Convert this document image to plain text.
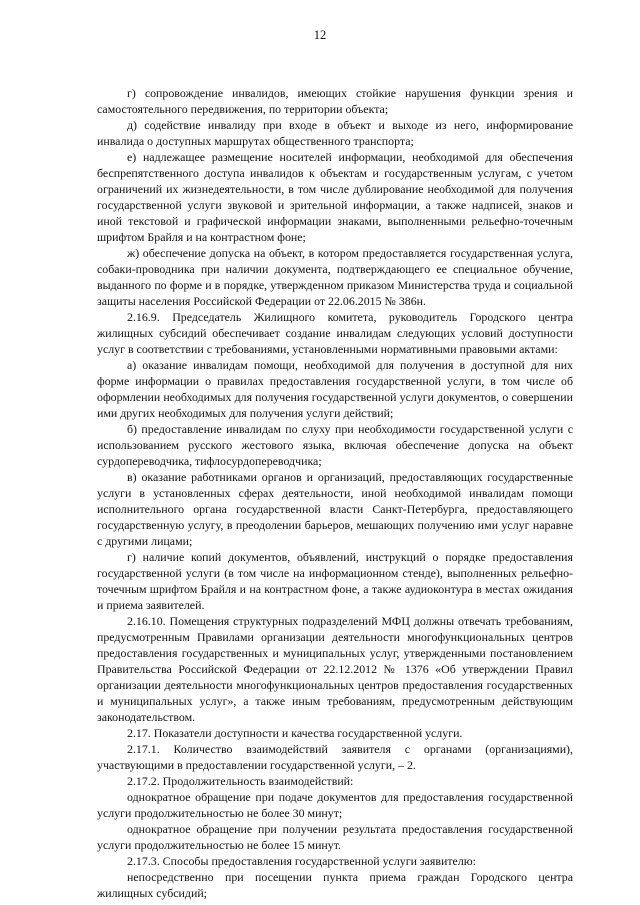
12

г) сопровождение инвалидов, имеющих стойкие нарушения функции зрения и самостоятельного передвижения, по территории объекта;

д) содействие инвалиду при входе в объект и выходе из него, информирование инвалида о доступных маршрутах общественного транспорта;

е) надлежащее размещение носителей информации, необходимой для обеспечения беспрепятственного доступа инвалидов к объектам и государственным услугам, с учетом ограничений их жизнедеятельности, в том числе дублирование необходимой для получения государственной услуги звуковой и зрительной информации, а также надписей, знаков и иной текстовой и графической информации знаками, выполненными рельефно-точечным шрифтом Брайля и на контрастном фоне;

ж) обеспечение допуска на объект, в котором предоставляется государственная услуга, собаки-проводника при наличии документа, подтверждающего ее специальное обучение, выданного по форме и в порядке, утвержденном приказом Министерства труда и социальной защиты населения Российской Федерации от 22.06.2015 № 386н.

2.16.9. Председатель Жилищного комитета, руководитель Городского центра жилищных субсидий обеспечивает создание инвалидам следующих условий доступности услуг в соответствии с требованиями, установленными нормативными правовыми актами:

а) оказание инвалидам помощи, необходимой для получения в доступной для них форме информации о правилах предоставления государственной услуги, в том числе об оформлении необходимых для получения государственной услуги документов, о совершении ими других необходимых для получения услуги действий;

б) предоставление инвалидам по слуху при необходимости государственной услуги с использованием русского жестового языка, включая обеспечение допуска на объект сурдопереводчика, тифлосурдопереводчика;

в) оказание работниками органов и организаций, предоставляющих государственные услуги в установленных сферах деятельности, иной необходимой инвалидам помощи исполнительного органа государственной власти Санкт-Петербурга, предоставляющего государственную услугу, в преодолении барьеров, мешающих получению ими услуг наравне с другими лицами;

г) наличие копий документов, объявлений, инструкций о порядке предоставления государственной услуги (в том числе на информационном стенде), выполненных рельефно-точечным шрифтом Брайля и на контрастном фоне, а также аудиоконтура в местах ожидания и приема заявителей.

2.16.10. Помещения структурных подразделений МФЦ должны отвечать требованиям, предусмотренным Правилами организации деятельности многофункциональных центров предоставления государственных и муниципальных услуг, утвержденными постановлением Правительства Российской Федерации от 22.12.2012 № 1376 «Об утверждении Правил организации деятельности многофункциональных центров предоставления государственных и муниципальных услуг», а также иным требованиям, предусмотренным действующим законодательством.

2.17. Показатели доступности и качества государственной услуги.

2.17.1. Количество взаимодействий заявителя с органами (организациями), участвующими в предоставлении государственной услуги, – 2.

2.17.2. Продолжительность взаимодействий:

однократное обращение при подаче документов для предоставления государственной услуги продолжительностью не более 30 минут;

однократное обращение при получении результата предоставления государственной услуги продолжительностью не более 15 минут.

2.17.3. Способы предоставления государственной услуги заявителю:

непосредственно при посещении пункта приема граждан Городского центра жилищных субсидий;
